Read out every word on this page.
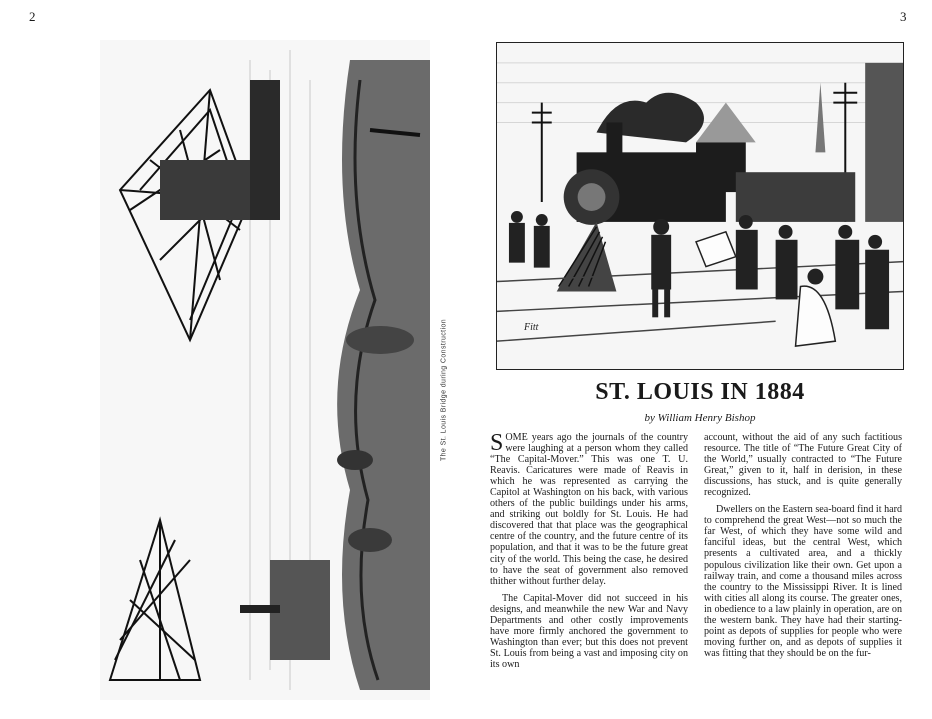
2	3
The St. Louis Bridge during Construction	Fitt
ST. LOUIS IN 1884
by William Henry Bishop

SOME years ago the journals of the country were laughing at a person whom they called “The Capital-Mover.” This was one T. U. Reavis. Caricatures were made of Reavis in which he was represented as carrying the Capitol at Washington on his back, with various others of the public buildings under his arms, and striking out boldly for St. Louis. He had discovered that that place was the geographical centre of the country, and the future centre of its population, and that it was to be the future great city of the world. This being the case, he desired to have the seat of government also removed thither without further delay.

The Capital-Mover did not succeed in his designs, and meanwhile the new War and Navy Departments and other costly improvements have more firmly anchored the government to Washington than ever; but this does not prevent St. Louis from being a vast and imposing city on its own

account, without the aid of any such factitious resource. The title of “The Future Great City of the World,” usually contracted to “The Future Great,” given to it, half in derision, in these discussions, has stuck, and is quite generally recognized.

Dwellers on the Eastern sea-board find it hard to comprehend the great West—not so much the far West, of which they have some wild and fanciful ideas, but the central West, which presents a cultivated area, and a thickly populous civilization like their own. Get upon a railway train, and come a thousand miles across the country to the Mississippi River. It is lined with cities all along its course. The greater ones, in obedience to a law plainly in operation, are on the western bank. They have had their starting-point as depots of supplies for people who were moving further on, and as depots of supplies it was fitting that they should be on the fur-
